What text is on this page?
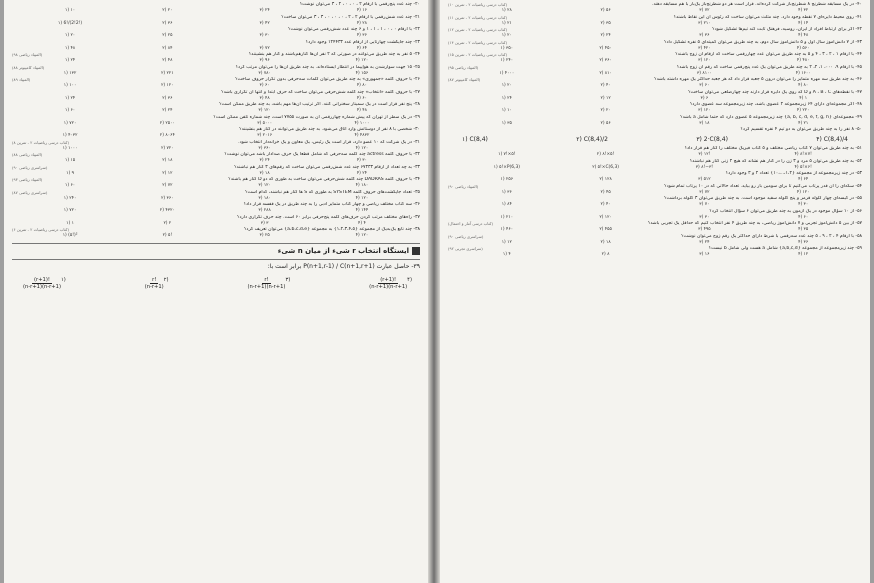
۲۰- چند عدد پنج‌رقمی با ارقام ۲ ، ۰ ، ۰ ، ۲ ، ۳ می‌توان نوشت؟

۱) ۱۰	۲) ۲۰	۳) ۲۴	۴) ۱۶

۲۱- چند عدد شش‌رقمی با ارقام ۲ ، ۲ ، ۰ ، ۰ ، ۰ ، ۳ ، ۳ می‌توان ساخت؟

۱) 6!/(2!2!)	۲) ۳۶	۳) ۴۲	۴) ۲۸

۲۲- با ارقام ۰ ، ۰ ، ۱ ، ۱ ، ۱ و ۶ چند عدد شش‌رقمی می‌توان نوشت؟

۱) ۲۰	۲) ۲۵	۳) ۳۰	۴) ۳۶

۲۳- چند جایگشت چهارتایی از ارقام عدد ۱۲۴۴۳۳ وجود دارد؟

۱) ۴۸	۲) ۸۴	۳) ۷۲	۴) ۶۴

(المپیاد ریاضی ۹۸)	۲۴- ۵ نفر به چند طریق می‌توانند در صورتی که ۲ نفر آن‌ها کنارهم‌باشند و کنار هم بنشینند؟

۱) ۲۴	۲) ۴۸	۳) ۹۶	۴) ۱۲۰

(المپیاد کامپیوتر ۸۸)	۲۵- ۱۵ جهت سوارشدن به هواپیما در انتظار ایستاده‌اند. به چند طریق آن‌ها را می‌توان مرتب کرد؟

۱) ۱۳۲	۲) ۲۲۱	۳) ۷۸۰	۴) ۱۵۶

(المپیاد ۸۹)	۲۶- با حروف کلمه «جمهوری» به چند طریق می‌توان کلمات سه‌حرفی بدون تکرار حروف ساخت؟

۱) ۱۰۰	۲) ۱۲۰	۳) ۶۰	۴) ۸۰

۲۷- با حروف کلمه «انتخاب» چند کلمه شش‌حرفی می‌توان ساخت که حرف ابتدا و انتها آن تکراری باشد؟

۱) ۲۴	۲) ۳۶	۳) ۴۸	۴) ۶۰

۲۸- پنج نفر قرار است در یک سمینار سخنرانی کنند. اگر ترتیب آن‌ها مهم باشد، به چند طریق ممکن است؟

۱) ۶۰	۲) ۲۴	۳) ۱۲۰	۴) ۴۸

۲۹- در یک سطر از تهران که پیش شماره چهاررقمی آن به صورت ۷۷۵۵ است، چند شماره تلفن ممکن است؟

۱) ۷۲۰	۲) ۲۵۰۰	۳) ۵۰۰۰	۴) ۱۰۰۰

۳۰- شخصی با ۸ نفر از دوستانش وارد اتاق می‌شود. به چند طریق می‌توانند در کنار هم بنشینند؟

۱) ۴۰۳۲	۲) ۸۰۶۴	۳) ۲۰۱۶	۴) ۴۸۳۲

(کتاب درسی ریاضیات ۲ - تمرین ۸)	۳۱- در یک شرکت که ۱۰ عضو دارد، قرار است یک رئیس، یک معاون و یک خزانه‌دار انتخاب شود.

۱) ۱۰۰۰	۲) ۷۲۰	۳) ۳۶۰	۴) ۱۲۰

(المپیاد ریاضی ۸۸)	۳۲- با حروف کلمه actress چند کلمه سه‌حرفی که شامل قطعاً یک حرف صدادار باشد می‌توان نوشت؟

۱) ۱۵	۲) ۱۸	۳) ۲۴	۴) ۳۰

(سراسری ریاضی ۹۰)	۳۳- به چه تعداد از ارقام ۶۷۳۳۳ چند عدد شش‌رقمی می‌توان ساخت که رقم‌های ۳ کنار هم نباشند؟

۱) ۹	۲) ۱۲	۳) ۱۸	۴) ۲۴

(المپیاد ریاضی ۹۳)	۳۴- با حروف کلمه DADRAS چند کلمه شش‌حرفی می‌توان ساخت به طوری که دو D کنار هم باشند؟

۱) ۶۰	۲) ۷۲	۳) ۱۲۰	۴) ۱۸۰

(سراسری ریاضی ۸۷)	۳۵- تعداد جایگشت‌های حروف کلمه SYSTEM به طوری که S ها کنار هم نباشند، کدام است؟

۱) ۲۴۰	۲) ۳۶۰	۳) ۱۸۰	۴) ۱۲۰

۳۶- سه کتاب مختلف ریاضی و چهار کتاب متمایز ادبی را به چند طریق در یک قفسه قرار داد؟

۱) ۷۲۰	۲) ۴۳۲۰	۳) ۲۸۸	۴) ۱۴۴

۳۷- راه‌های مختلف مرتب کردن حرف‌های کلمه پنج‌حرفی برابر ۶۰ است. چند حرف تکراری دارد؟

۱) ۱	۲) ۲	۳) ۳	۴) ۴

(کتاب درسی ریاضیات ۲ - تمرین ۶)	۳۸- چند تابع یک‌به‌یک از مجموعه {۱،۲،۳،۴،۵} به مجموعه {a،b،c،d،e} می‌توان تعریف کرد؟

۱) (۵!)²	۲) ۵!	۳) ۲۵	۴) ۱۲۰
ایستگاه انتخاب r شیء از میان n شیء

۳۹- حاصل عبارت P(n+1,r-1) / C(n+1,r+1) برابر است با:

$\frac{(r+1)!}{(n-r+1)(n-r+1)}$ ۱)	$\frac{r!}{(n-r+1)}$ ۲)	$\frac{r!}{(n-r+1)(n-r+1)}$ ۳)	$\frac{(r+1)!}{(n-r+1)(n-r+1)}$ ۴)

(کتاب درسی ریاضیات ۲ - تمرین ۱۰)	۴۰- در یک مسابقه شطرنج ۸ شطرنج‌باز شرکت کرده‌اند. قرار است هر دو شطرنج‌باز یک‌بار با هم مسابقه دهند.

۱) ۲۸	۲) ۵۶	۳) ۷۲	۴) ۳۲

(کتاب درسی ریاضیات ۲ - تمرین ۱۱)	۴۱- روی محیط دایره‌ای ۷ نقطه وجود دارد. چند مثلث می‌توان ساخت که رئوس آن این نقاط باشند؟

۱) ۲۱	۲) ۳۵	۳) ۲۱۰	۴) ۱۴

(کتاب درسی ریاضیات ۲ - تمرین ۱۲)	۴۲- اگر برای ارتباط افراد از ایران، روسیه، فرهنگ ثابت کند تیم‌ها تشکیل شود؟

۱) ۲۰	۲) ۲۴	۳) ۳۶	۴) ۴۸

(کتاب درسی ریاضیات ۲ - تمرین ۱۴)	۴۳- از ۷ دانش‌آموز سال اول و ۵ دانش‌آموز سال دوم، به چند طریق می‌توان کمیته‌ای ۵ نفره تشکیل داد؟

۱) ۳۵۰	۲) ۴۵۰	۳) ۴۲۰	۴) ۵۶۰

(کتاب درسی ریاضیات ۲ - تمرین ۱۵)	۴۴- با ارقام ۱ ، ۲ ، ۳ ، ۴ و ۵ به چند طریق می‌توان عدد چهاررقمی ساخت که ارقام آن زوج باشند؟

۱) ۲۴۰	۲) ۳۶۰	۳) ۱۲۰	۴) ۴۸۰

(المپیاد ریاضی ۹۵)	۴۵- با ارقام ۹، ۰۰۰، ۱، ۲، ۲ به چند طریق می‌توان یک عدد پنج‌رقمی ساخت که رقم آن زوج باشد؟

۱) ۴۰۰۰	۲) ۸۱۰	۳) ۸۱۰۰	۴) ۱۶۰۰

(المپیاد کامپیوتر ۸۷)	۴۶- به چند طریق سه مهره متمایز را می‌توان درون ۵ جعبه قرار داد که هر جعبه حداکثر یک مهره داشته باشد؟

۱) ۲۰	۲) ۴۰	۳) ۶۰	۴) ۸۰

۴۷- با نقطه‌های A ، B ، C و D که روی یک دایره قرار دارند چند چهارضلعی می‌توان ساخت؟

۱) ۲۴	۲) ۱۲	۳) ۶	۴) ۱

۴۸- اگر مجموعه‌ای دارای ۶۴ زیرمجموعه ۲ عضوی باشد، چند زیرمجموعه سه عضوی دارد؟

۱) ۱۰	۲) ۲۰	۳) ۱۲۰	۴) ۲۲۰

۴۹- مجموعه‌ای {a, b, c, d, e, f, g, h} چند زیرمجموعه ۵ عضوی دارد که حتماً شامل a باشد؟

۱) ۳۵	۲) ۵۶	۳) ۱۸	۴) ۲۱

۵۰- ۸ نفر را به چند طریق می‌توان به دو تیم ۴ نفره تقسیم کرد؟

۱) C(8,4)	۲) C(8,4)/2	۳) 2·C(8,4)	۴) C(8,4)/4

۵۱- به چند طریق می‌توان ۷ کتاب ریاضی مختلف و ۵ کتاب فیزیک مختلف را کنار هم قرار داد؟

۱) ۷!×۵!	۲) ۸!×۵!	۳) ۱۲!	۴) ۸!×۷!

۵۲- به چند طریق می‌توان ۵ مرد و ۳ زن را در کنار هم نشاند که هیچ ۲ زنی کنار هم نباشند؟

۱) ۵!×P(6,3)	۲) ۵!×C(6,3)	۳) ۸!−۳!	۴) ۵!×۶!

۵۳- در چند زیرمجموعه از مجموعه {۱،۲،...،۱۰} تعداد ۲ و ۳ وجود دارد؟

۱) ۲۵۶	۲) ۱۲۸	۳) ۵۱۲	۴) ۶۴

(المپیاد ریاضی ۹۰)	۵۴- سکه‌ای را آن قدر پرتاب می‌کنیم تا برای سومین بار رو بیاید. تعداد حالاتی که در ۱۰ پرتاب تمام شود؟

۱) ۳۶	۲) ۴۵	۳) ۷۲	۴) ۱۲۰

۵۵- در کیسه‌ای چهار گلوله قرمز و پنج گلوله سفید موجود است. به چند طریق می‌توان ۳ گلوله برداشت؟

۱) ۸۴	۲) ۴۰	۳) ۷۰	۴) ۳۰

۵۶- از ۱۰ سؤال موجود در یک آزمون به چند طریق می‌توان ۶ سؤال انتخاب کرد؟

۱) ۲۱۰	۲) ۱۲۰	۳) ۳۰	۴) ۶۰

(کتاب درسی آمار و احتمال)	۵۷- از بین ۵ دانش‌آموز تجربی و ۷ دانش‌آموز ریاضی، به چند طریق ۴ نفر انتخاب کنیم که حداقل یک تجربی باشد؟

۱) ۴۶۰	۲) ۴۵۵	۳) ۴۹۵	۴) ۳۵

(سراسری ریاضی ۹۰)	۵۸- با ارقام ۴ ، ۲ ، ۹ ، ۵ چند عدد سه‌رقمی با شرط دارای حداکثر یک رقم زوج می‌توان نوشت؟

۱) ۱۲	۲) ۱۸	۳) ۲۴	۴) ۳۶

(سراسری تجربی ۹۲)	۵۹- چند زیرمجموعه از مجموعه {a,b,c,d} شامل a هست ولی شامل b نیست؟

۱) ۴	۲) ۸	۳) ۱۶	۴) ۱۲
